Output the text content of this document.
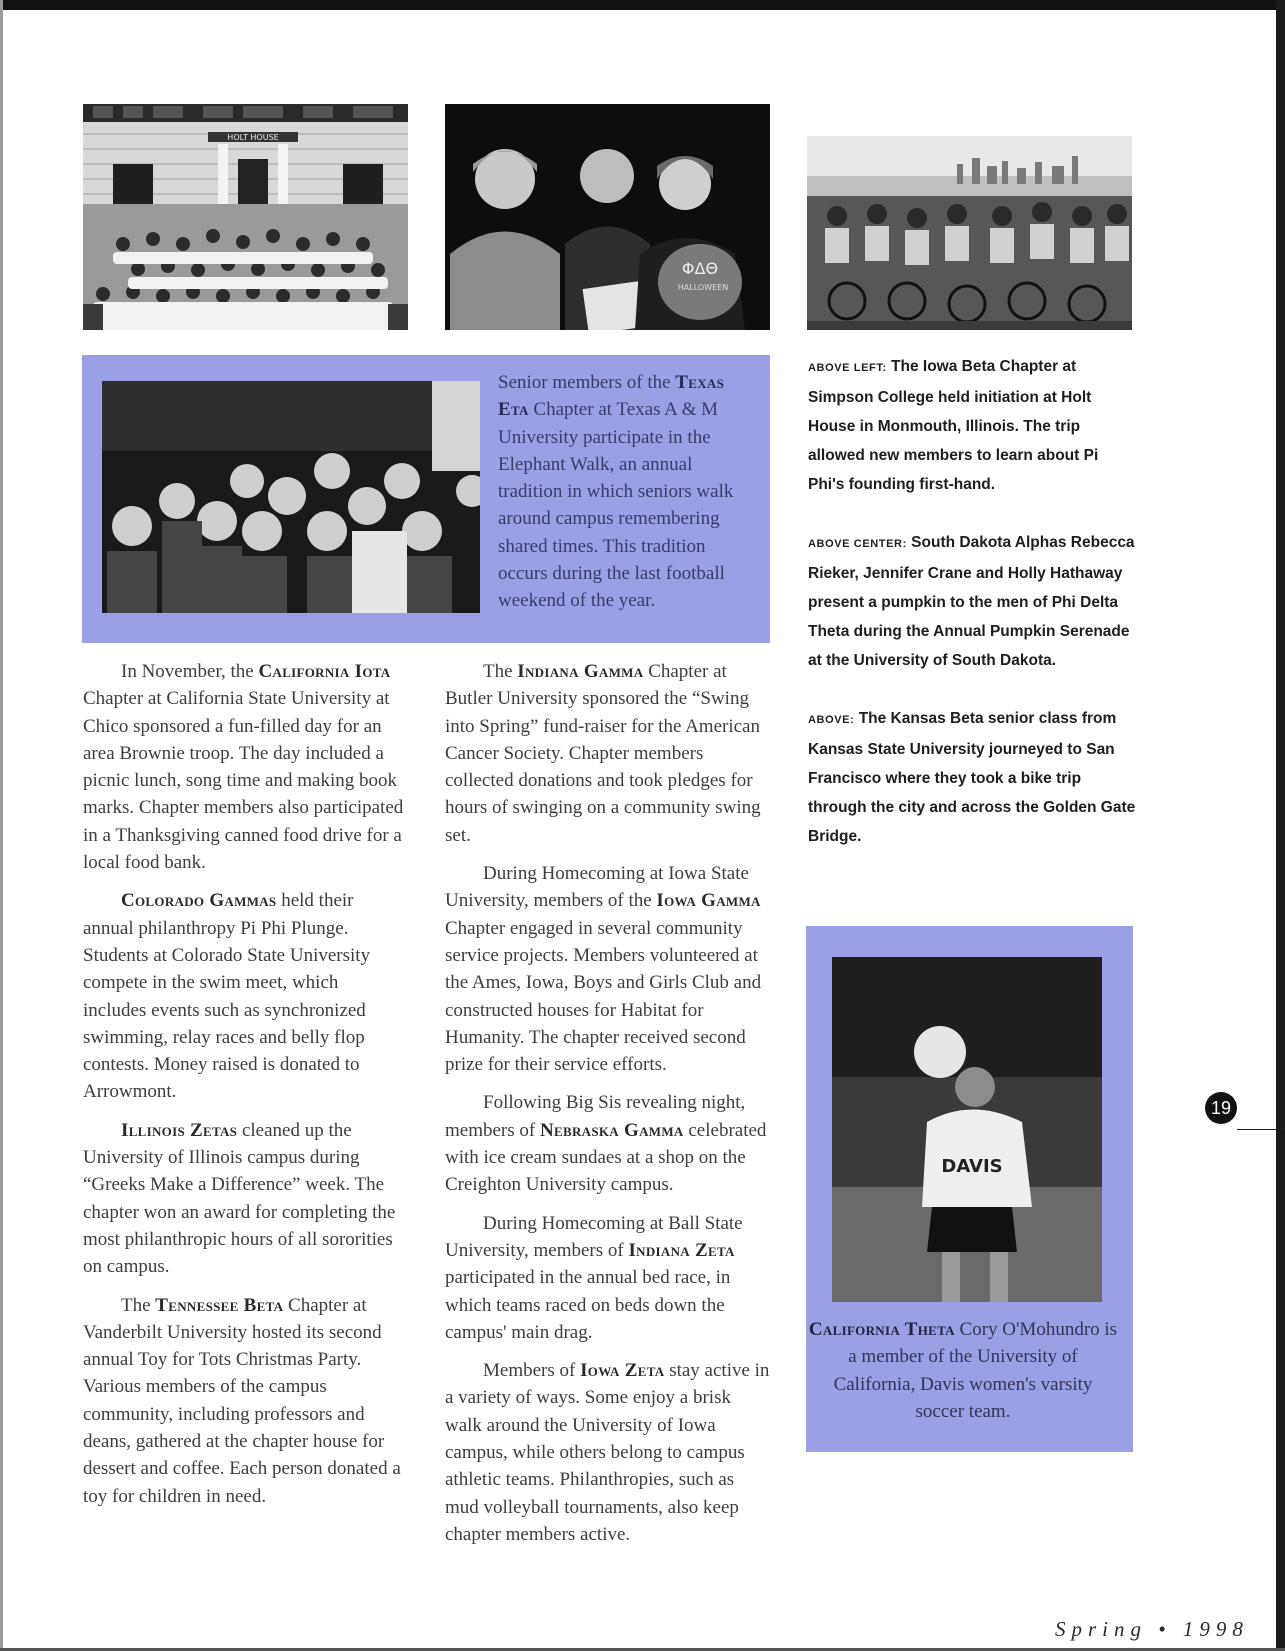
HOLT HOUSE
ΦΔΘ
HALLOWEEN
Senior members of the Texas Eta Chapter at Texas A & M University participate in the Elephant Walk, an annual tradition in which seniors walk around campus remembering shared times. This tradition occurs during the last football weekend of the year.

ABOVE LEFT: The Iowa Beta Chapter at Simpson College held initiation at Holt House in Monmouth, Illinois. The trip allowed new members to learn about Pi Phi's founding first-hand.

ABOVE CENTER: South Dakota Alphas Rebecca Rieker, Jennifer Crane and Holly Hathaway present a pumpkin to the men of Phi Delta Theta during the Annual Pumpkin Serenade at the University of South Dakota.

ABOVE: The Kansas Beta senior class from Kansas State University journeyed to San Francisco where they took a bike trip through the city and across the Golden Gate Bridge.

In November, the California Iota Chapter at California State University at Chico sponsored a fun-filled day for an area Brownie troop. The day included a picnic lunch, song time and making book marks. Chapter members also participated in a Thanksgiving canned food drive for a local food bank.

Colorado Gammas held their annual philanthropy Pi Phi Plunge. Students at Colorado State University compete in the swim meet, which includes events such as synchronized swimming, relay races and belly flop contests. Money raised is donated to Arrowmont.

Illinois Zetas cleaned up the University of Illinois campus during “Greeks Make a Difference” week. The chapter won an award for completing the most philanthropic hours of all sororities on campus.

The Tennessee Beta Chapter at Vanderbilt University hosted its second annual Toy for Tots Christmas Party. Various members of the campus community, including professors and deans, gathered at the chapter house for dessert and coffee. Each person donated a toy for children in need.

The Indiana Gamma Chapter at Butler University sponsored the “Swing into Spring” fund-raiser for the American Cancer Society. Chapter members collected donations and took pledges for hours of swinging on a community swing set.

During Homecoming at Iowa State University, members of the Iowa Gamma Chapter engaged in several community service projects. Members volunteered at the Ames, Iowa, Boys and Girls Club and constructed houses for Habitat for Humanity. The chapter received second prize for their service efforts.

Following Big Sis revealing night, members of Nebraska Gamma celebrated with ice cream sundaes at a shop on the Creighton University campus.

During Homecoming at Ball State University, members of Indiana Zeta participated in the annual bed race, in which teams raced on beds down the campus' main drag.

Members of Iowa Zeta stay active in a variety of ways. Some enjoy a brisk walk around the University of Iowa campus, while others belong to campus athletic teams. Philanthropies, such as mud volleyball tournaments, also keep chapter members active.

DAVIS
California Theta Cory O'Mohundro is a member of the University of California, Davis women's varsity soccer team.
19
Spring • 1998
